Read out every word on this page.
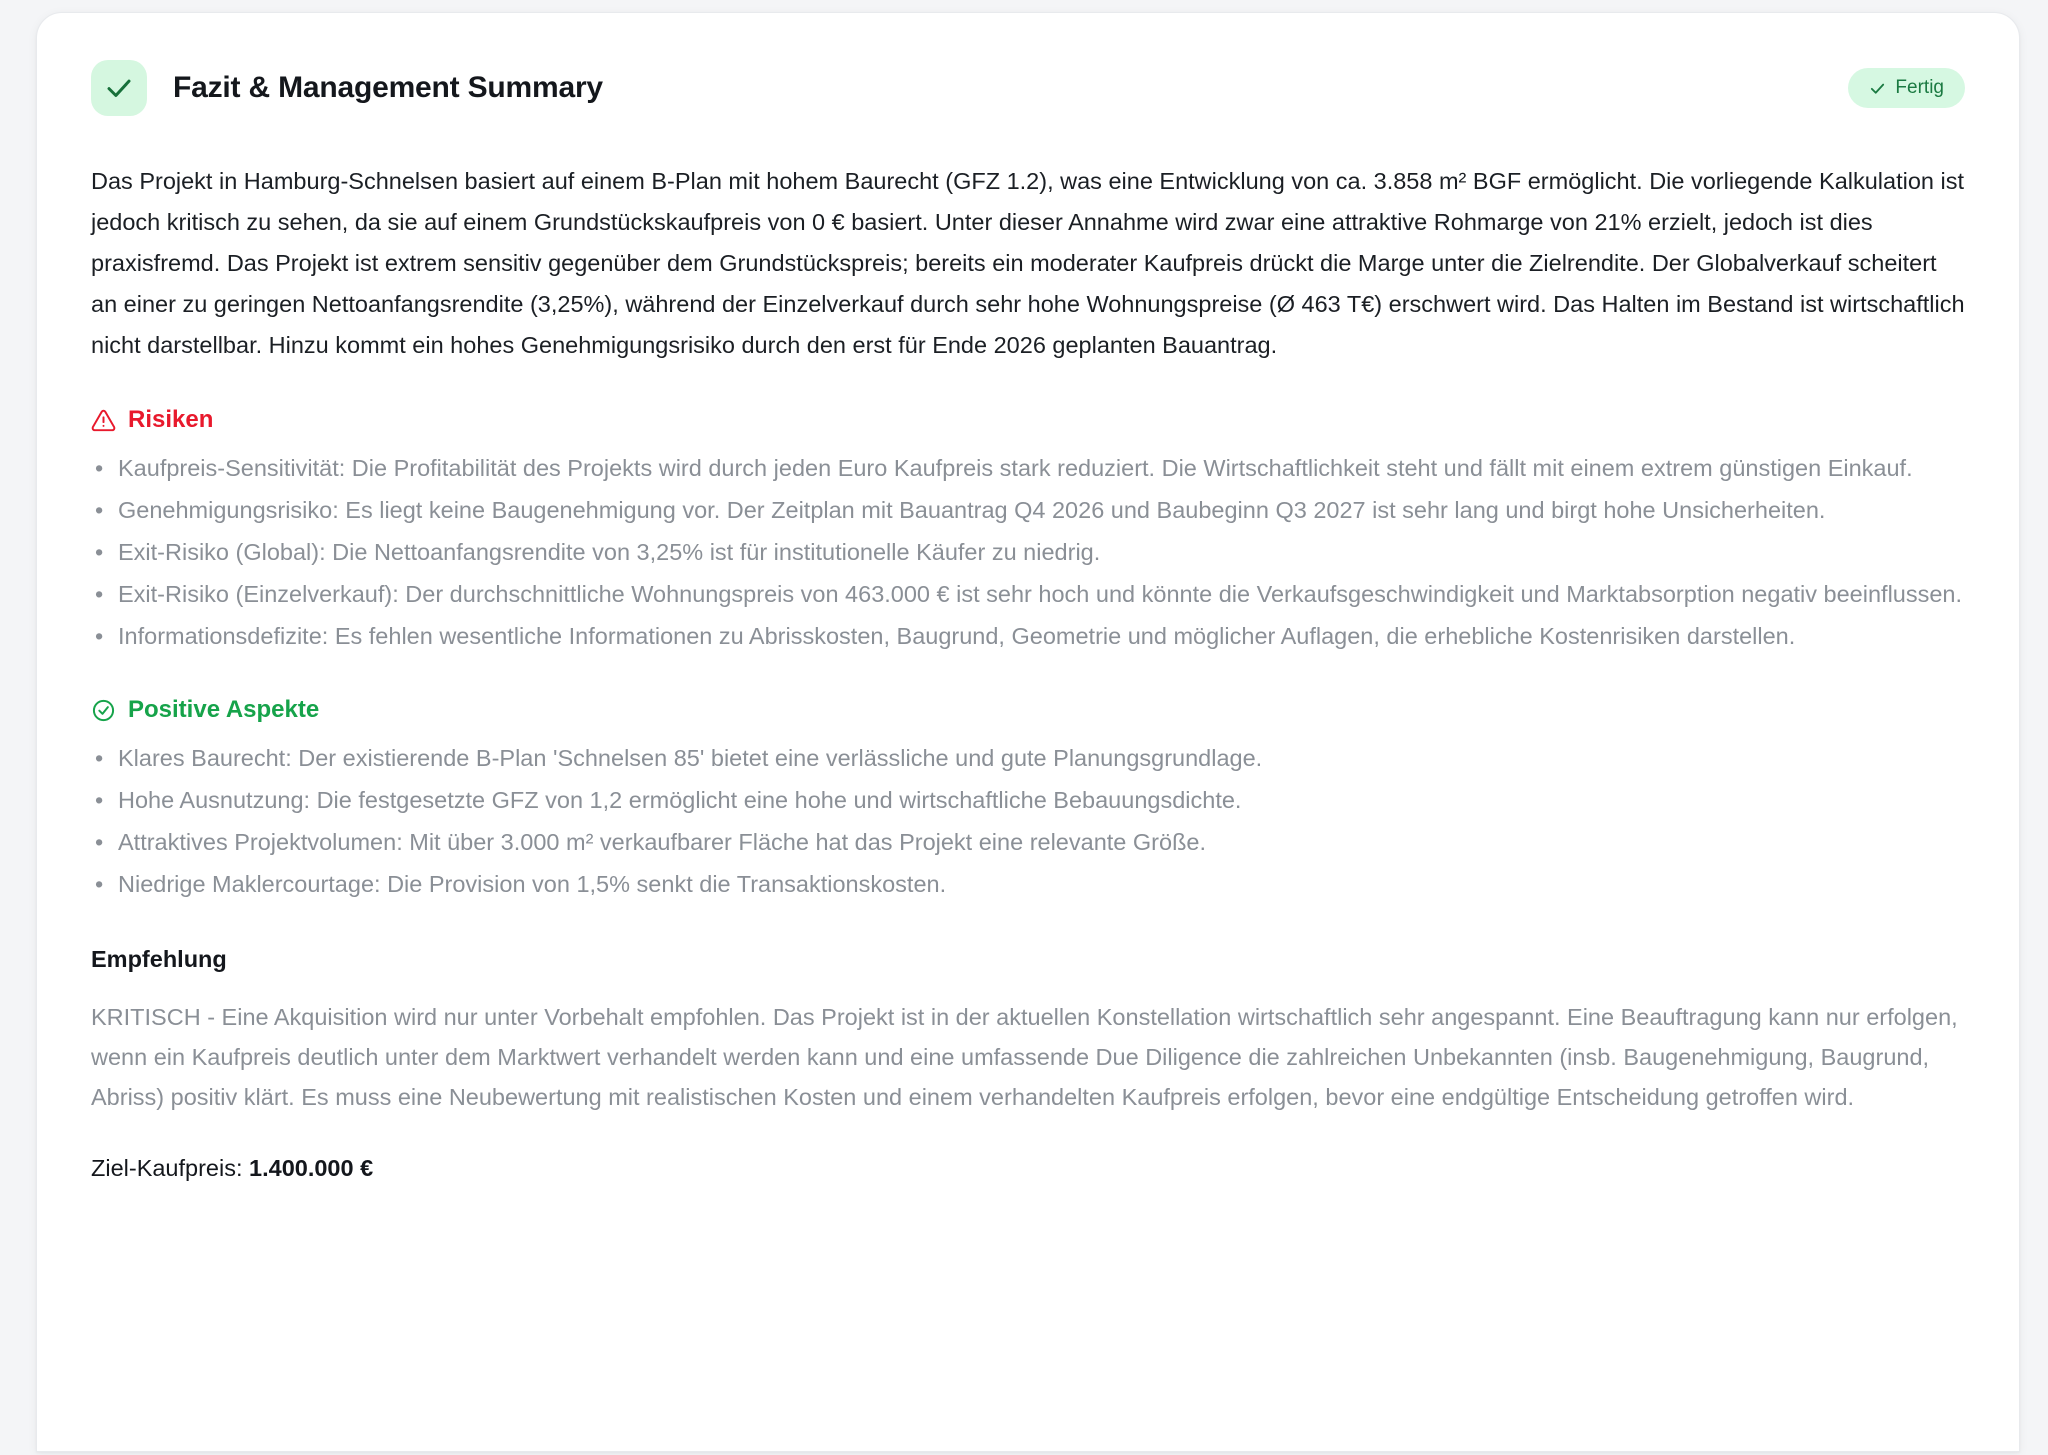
Fazit & Management Summary	Fertig

Das Projekt in Hamburg-Schnelsen basiert auf einem B-Plan mit hohem Baurecht (GFZ 1.2), was eine Entwicklung von ca. 3.858 m² BGF ermöglicht. Die vorliegende Kalkulation ist jedoch kritisch zu sehen, da sie auf einem Grundstückskaufpreis von 0 € basiert. Unter dieser Annahme wird zwar eine attraktive Rohmarge von 21% erzielt, jedoch ist dies praxisfremd. Das Projekt ist extrem sensitiv gegenüber dem Grundstückspreis; bereits ein moderater Kaufpreis drückt die Marge unter die Zielrendite. Der Globalverkauf scheitert an einer zu geringen Nettoanfangsrendite (3,25%), während der Einzelverkauf durch sehr hohe Wohnungspreise (Ø 463 T€) erschwert wird. Das Halten im Bestand ist wirtschaftlich nicht darstellbar. Hinzu kommt ein hohes Genehmigungsrisiko durch den erst für Ende 2026 geplanten Bauantrag.

Risiken
• Kaufpreis-Sensitivität: Die Profitabilität des Projekts wird durch jeden Euro Kaufpreis stark reduziert. Die Wirtschaftlichkeit steht und fällt mit einem extrem günstigen Einkauf.
• Genehmigungsrisiko: Es liegt keine Baugenehmigung vor. Der Zeitplan mit Bauantrag Q4 2026 und Baubeginn Q3 2027 ist sehr lang und birgt hohe Unsicherheiten.
• Exit-Risiko (Global): Die Nettoanfangsrendite von 3,25% ist für institutionelle Käufer zu niedrig.
• Exit-Risiko (Einzelverkauf): Der durchschnittliche Wohnungspreis von 463.000 € ist sehr hoch und könnte die Verkaufsgeschwindigkeit und Marktabsorption negativ beeinflussen.
• Informationsdefizite: Es fehlen wesentliche Informationen zu Abrisskosten, Baugrund, Geometrie und möglicher Auflagen, die erhebliche Kostenrisiken darstellen.
Positive Aspekte
• Klares Baurecht: Der existierende B-Plan 'Schnelsen 85' bietet eine verlässliche und gute Planungsgrundlage.
• Hohe Ausnutzung: Die festgesetzte GFZ von 1,2 ermöglicht eine hohe und wirtschaftliche Bebauungsdichte.
• Attraktives Projektvolumen: Mit über 3.000 m² verkaufbarer Fläche hat das Projekt eine relevante Größe.
• Niedrige Maklercourtage: Die Provision von 1,5% senkt die Transaktionskosten.
Empfehlung

KRITISCH - Eine Akquisition wird nur unter Vorbehalt empfohlen. Das Projekt ist in der aktuellen Konstellation wirtschaftlich sehr angespannt. Eine Beauftragung kann nur erfolgen, wenn ein Kaufpreis deutlich unter dem Marktwert verhandelt werden kann und eine umfassende Due Diligence die zahlreichen Unbekannten (insb. Baugenehmigung, Baugrund, Abriss) positiv klärt. Es muss eine Neubewertung mit realistischen Kosten und einem verhandelten Kaufpreis erfolgen, bevor eine endgültige Entscheidung getroffen wird.

Ziel-Kaufpreis: 1.400.000 €
